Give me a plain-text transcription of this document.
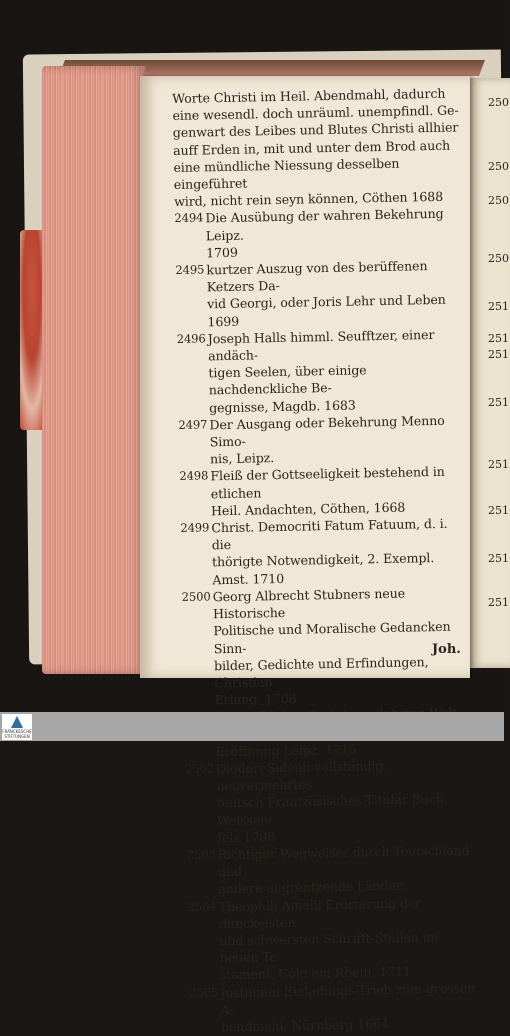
250
250
250
250
251
251
251
251
251
251
251
251
Worte Christi im Heil. Abendmahl, dadurch
eine wesendl. doch unräuml. unempfindl. Ge-
genwart des Leibes und Blutes Christi allhier
auff Erden in, mit und unter dem Brod auch
eine mündliche Niessung desselben eingeführet
wird, nicht rein seyn können, Cöthen 1688
2494 Die Ausübung der wahren Bekehrung Leipz.
1709
2495 kurtzer Auszug von des berüffenen Ketzers Da-
vid Georgi, oder Joris Lehr und Leben 1699
2496 Joseph Halls himml. Seufftzer, einer andäch-
tigen Seelen, über einige nachdenckliche Be-
gegnisse, Magdb. 1683
2497 Der Ausgang oder Bekehrung Menno Simo-
nis, Leipz.
2498 Fleiß der Gottseeligkeit bestehend in etlichen
Heil. Andachten, Cöthen, 1668
2499 Christ. Democriti Fatum Fatuum, d. i. die
thörigte Notwendigkeit, 2. Exempl. Amst. 1710
2500 Georg Albrecht Stubners neue Historische
Politische und Moralische Gedancken Sinn-
bilder, Gedichte und Erfindungen, Christian
Erlang. 1708

Eröffnung Leipz. 1715
2502 Diodori Sidonii vollständig, neuvermehrtes
teutsch Frantzösisches Titular Buch, Weissen-
fels 1708
2503 Richtiger Wegweiser durch Teutschland und
andere angrentzende Länder.
2504 Theophili Amelii Erörterung der dunckelsten
und schwersten Schrifft-Stellen im neuen Te-
stament, Cöln am Rhein, 1711
2505 Justiniani Einladungs-Trieb zum grossen A-
bendmahl, Nürnberg 1664
Joh.
FRANCKESCHE
STIFTUNGEN
